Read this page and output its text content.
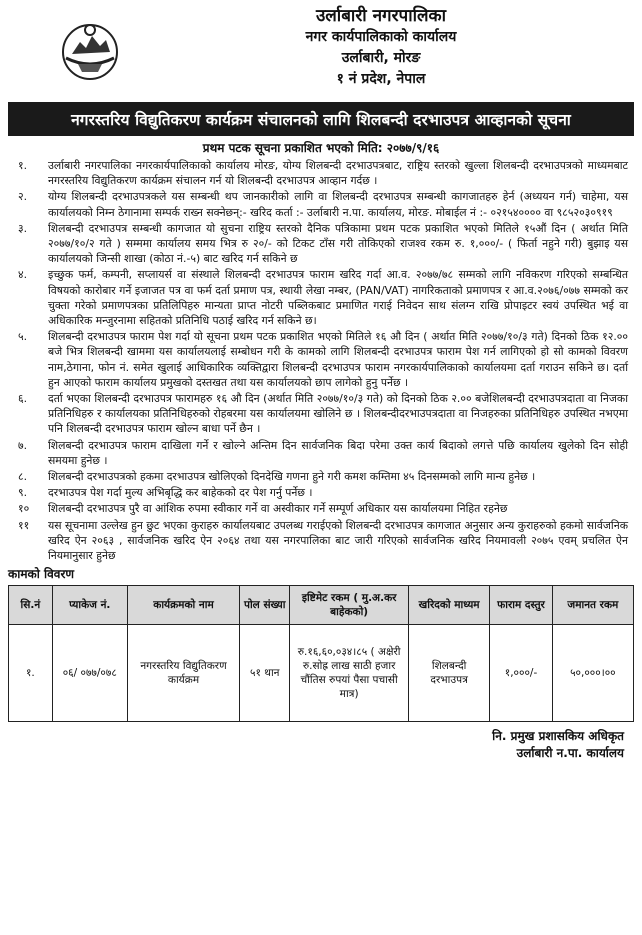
उर्लाबारी नगरपालिका
नगर कार्यपालिकाको कार्यालय
उर्लाबारी, मोरङ
१ नं प्रदेश, नेपाल
नगरस्तरिय विद्युतिकरण कार्यक्रम संचालनको लागि शिलबन्दी दरभाउपत्र आव्हानको सूचना
प्रथम पटक सूचना प्रकाशित भएको मिति: २०७७/९/१६
१.	उर्लाबारी नगरपालिका नगरकार्यपालिकाको कार्यालय मोरङ, योग्य शिलबन्दी दरभाउपत्रबाट, राष्ट्रिय स्तरको खुल्ला शिलबन्दी दरभाउपत्रको माध्यमबाट नगरस्तरिय विद्युतिकरण कार्यक्रम संचालन गर्न यो शिलबन्दी दरभाउपत्र आव्हान गर्दछ ।
२.	योग्य शिलबन्दी दरभाउपत्रकले यस सम्बन्धी थप जानकारीको लागि वा शिलबन्दी दरभाउपत्र सम्बन्धी कागजातहरु हेर्न (अध्ययन गर्न) चाहेमा, यस कार्यालयको निम्न ठेगानामा सम्पर्क राख्न सक्नेछन्:- खरिद कर्ता :- उर्लाबारी न.पा. कार्यालय, मोरङ. मोबाईल नं :- ०२१५४०००० वा ९८५२०३०९१९
३.	शिलबन्दी दरभाउपत्र सम्बन्धी कागजात यो सुचना राष्ट्रिय स्तरको दैनिक पत्रिकामा प्रथम पटक प्रकाशित भएको मितिले १५औं दिन ( अर्थात मिति २०७७/१०/२ गते ) सम्ममा कार्यालय समय भित्र रु २०/- को टिकट टाँस गरी तोकिएको राजश्व रकम रु. १,०००/- ( फिर्ता नहुने गरी) बुझाइ यस कार्यालयको जिन्सी शाखा (कोठा नं.-५) बाट खरिद गर्न सकिने छ
४.	इच्छुक फर्म, कम्पनी, सप्लायर्स वा संस्थाले शिलबन्दी दरभाउपत्र फाराम खरिद गर्दा आ.व. २०७७/७८ सम्मको लागि नविकरण गरिएको सम्बन्धित विषयको कारोबार गर्ने इजाजत पत्र वा फर्म दर्ता प्रमाण पत्र, स्थायी लेखा नम्बर, (PAN/VAT) नागरिकताको प्रमाणपत्र र आ.व.२०७६/०७७ सम्मको कर चुक्ता गरेको प्रमाणपत्रका प्रतिलिपिहरु मान्यता प्राप्त नोटरी पब्लिकबाट प्रमाणित गराई निवेदन साथ संलग्न राखि प्रोपाइटर स्वयं उपस्थित भई वा अधिकारिक मन्जुरनामा सहितको प्रतिनिधि पठाई खरिद गर्न सकिने छ।
५.	शिलबन्दी दरभाउपत्र फाराम पेश गर्दा यो सूचना प्रथम पटक प्रकाशित भएको मितिले १६ औ दिन ( अर्थात मिति २०७७/१०/३ गते) दिनको ठिक १२.०० बजे भित्र शिलबन्दी खाममा यस कार्यालयलाई सम्बोधन गरी के कामको लागि शिलबन्दी दरभाउपत्र फाराम पेश गर्न लागिएको हो सो कामको विवरण नाम,ठेगाना, फोन नं. समेत खुलाई आधिकारिक व्यक्तिद्वारा शिलबन्दी दरभाउपत्र फाराम नगरकार्यपालिकाको कार्यालयमा दर्ता गराउन सकिने छ। दर्ता हुन आएको फाराम कार्यालय प्रमुखको दस्तखत तथा यस कार्यालयको छाप लागेको हुनु पर्नेछ ।
६.	दर्ता भएका शिलबन्दी दरभाउपत्र फारामहरु १६ औ दिन (अर्थात मिति २०७७/१०/३ गते) को दिनको ठिक २.०० बजेशिलबन्दी दरभाउपत्रदाता वा निजका प्रतिनिधिहरु र कार्यालयका प्रतिनिधिहरुको रोहबरमा यस कार्यालयमा खोलिने छ । शिलबन्दीदरभाउपत्रदाता वा निजहरुका प्रतिनिधिहरु उपस्थित नभएमा पनि शिलबन्दी दरभाउपत्र फाराम खोल्न बाधा पर्ने छैन ।
७.	शिलबन्दी दरभाउपत्र फाराम दाखिला गर्ने र खोल्ने अन्तिम दिन सार्वजनिक बिदा परेमा उक्त कार्य बिदाको लगत्ते पछि कार्यालय खुलेको दिन सोही समयमा हुनेछ ।
८.	शिलबन्दी दरभाउपत्रको हकमा दरभाउपत्र खोलिएको दिनदेखि गणना हुने गरी कमश कम्तिमा ४५ दिनसम्मको लागि मान्य हुनेछ ।
९.	दरभाउपत्र पेश गर्दा मुल्य अभिबृद्धि कर बाहेकको दर पेश गर्नु पर्नेछ ।
१०	शिलबन्दी दरभाउपत्र पुरै वा आंशिक रुपमा स्वीकार गर्ने वा अस्वीकार गर्ने सम्पूर्ण अधिकार यस कार्यालयमा निहित रहनेछ
११	यस सूचनामा उल्लेख हुन छुट भएका कुराहरु कार्यालयबाट उपलब्ध गराईएको शिलबन्दी दरभाउपत्र कागजात अनुसार अन्य कुराहरुको हकमो सार्वजनिक खरिद ऐन २०६३ , सार्वजनिक खरिद ऐन २०६४ तथा यस नगरपालिका बाट जारी गरिएको सार्वजनिक खरिद नियमावली २०७५ एवम् प्रचलित ऐन नियमानुसार हुनेछ
कामको विवरण
सि.नं	प्याकेज नं.	कार्यक्रमको नाम	पोल संख्या	इष्टिमेट रकम ( मु.अ.कर बाहेकको)	खरिदको माध्यम	फाराम दस्तुर	जमानत रकम
१.	०६/ ०७७/०७८	नगरस्तरिय विद्युतिकरण कार्यक्रम	५१ थान	रु.१६,६०,०३४।८५ ( अक्षेरी रु.सोह्र लाख साठी हजार चौंतिस रुपयां पैसा पचासी मात्र)	शिलबन्दी दरभाउपत्र	१,०००/-	५०,०००।००
नि. प्रमुख प्रशासकिय अधिकृत
उर्लाबारी न.पा. कार्यालय
